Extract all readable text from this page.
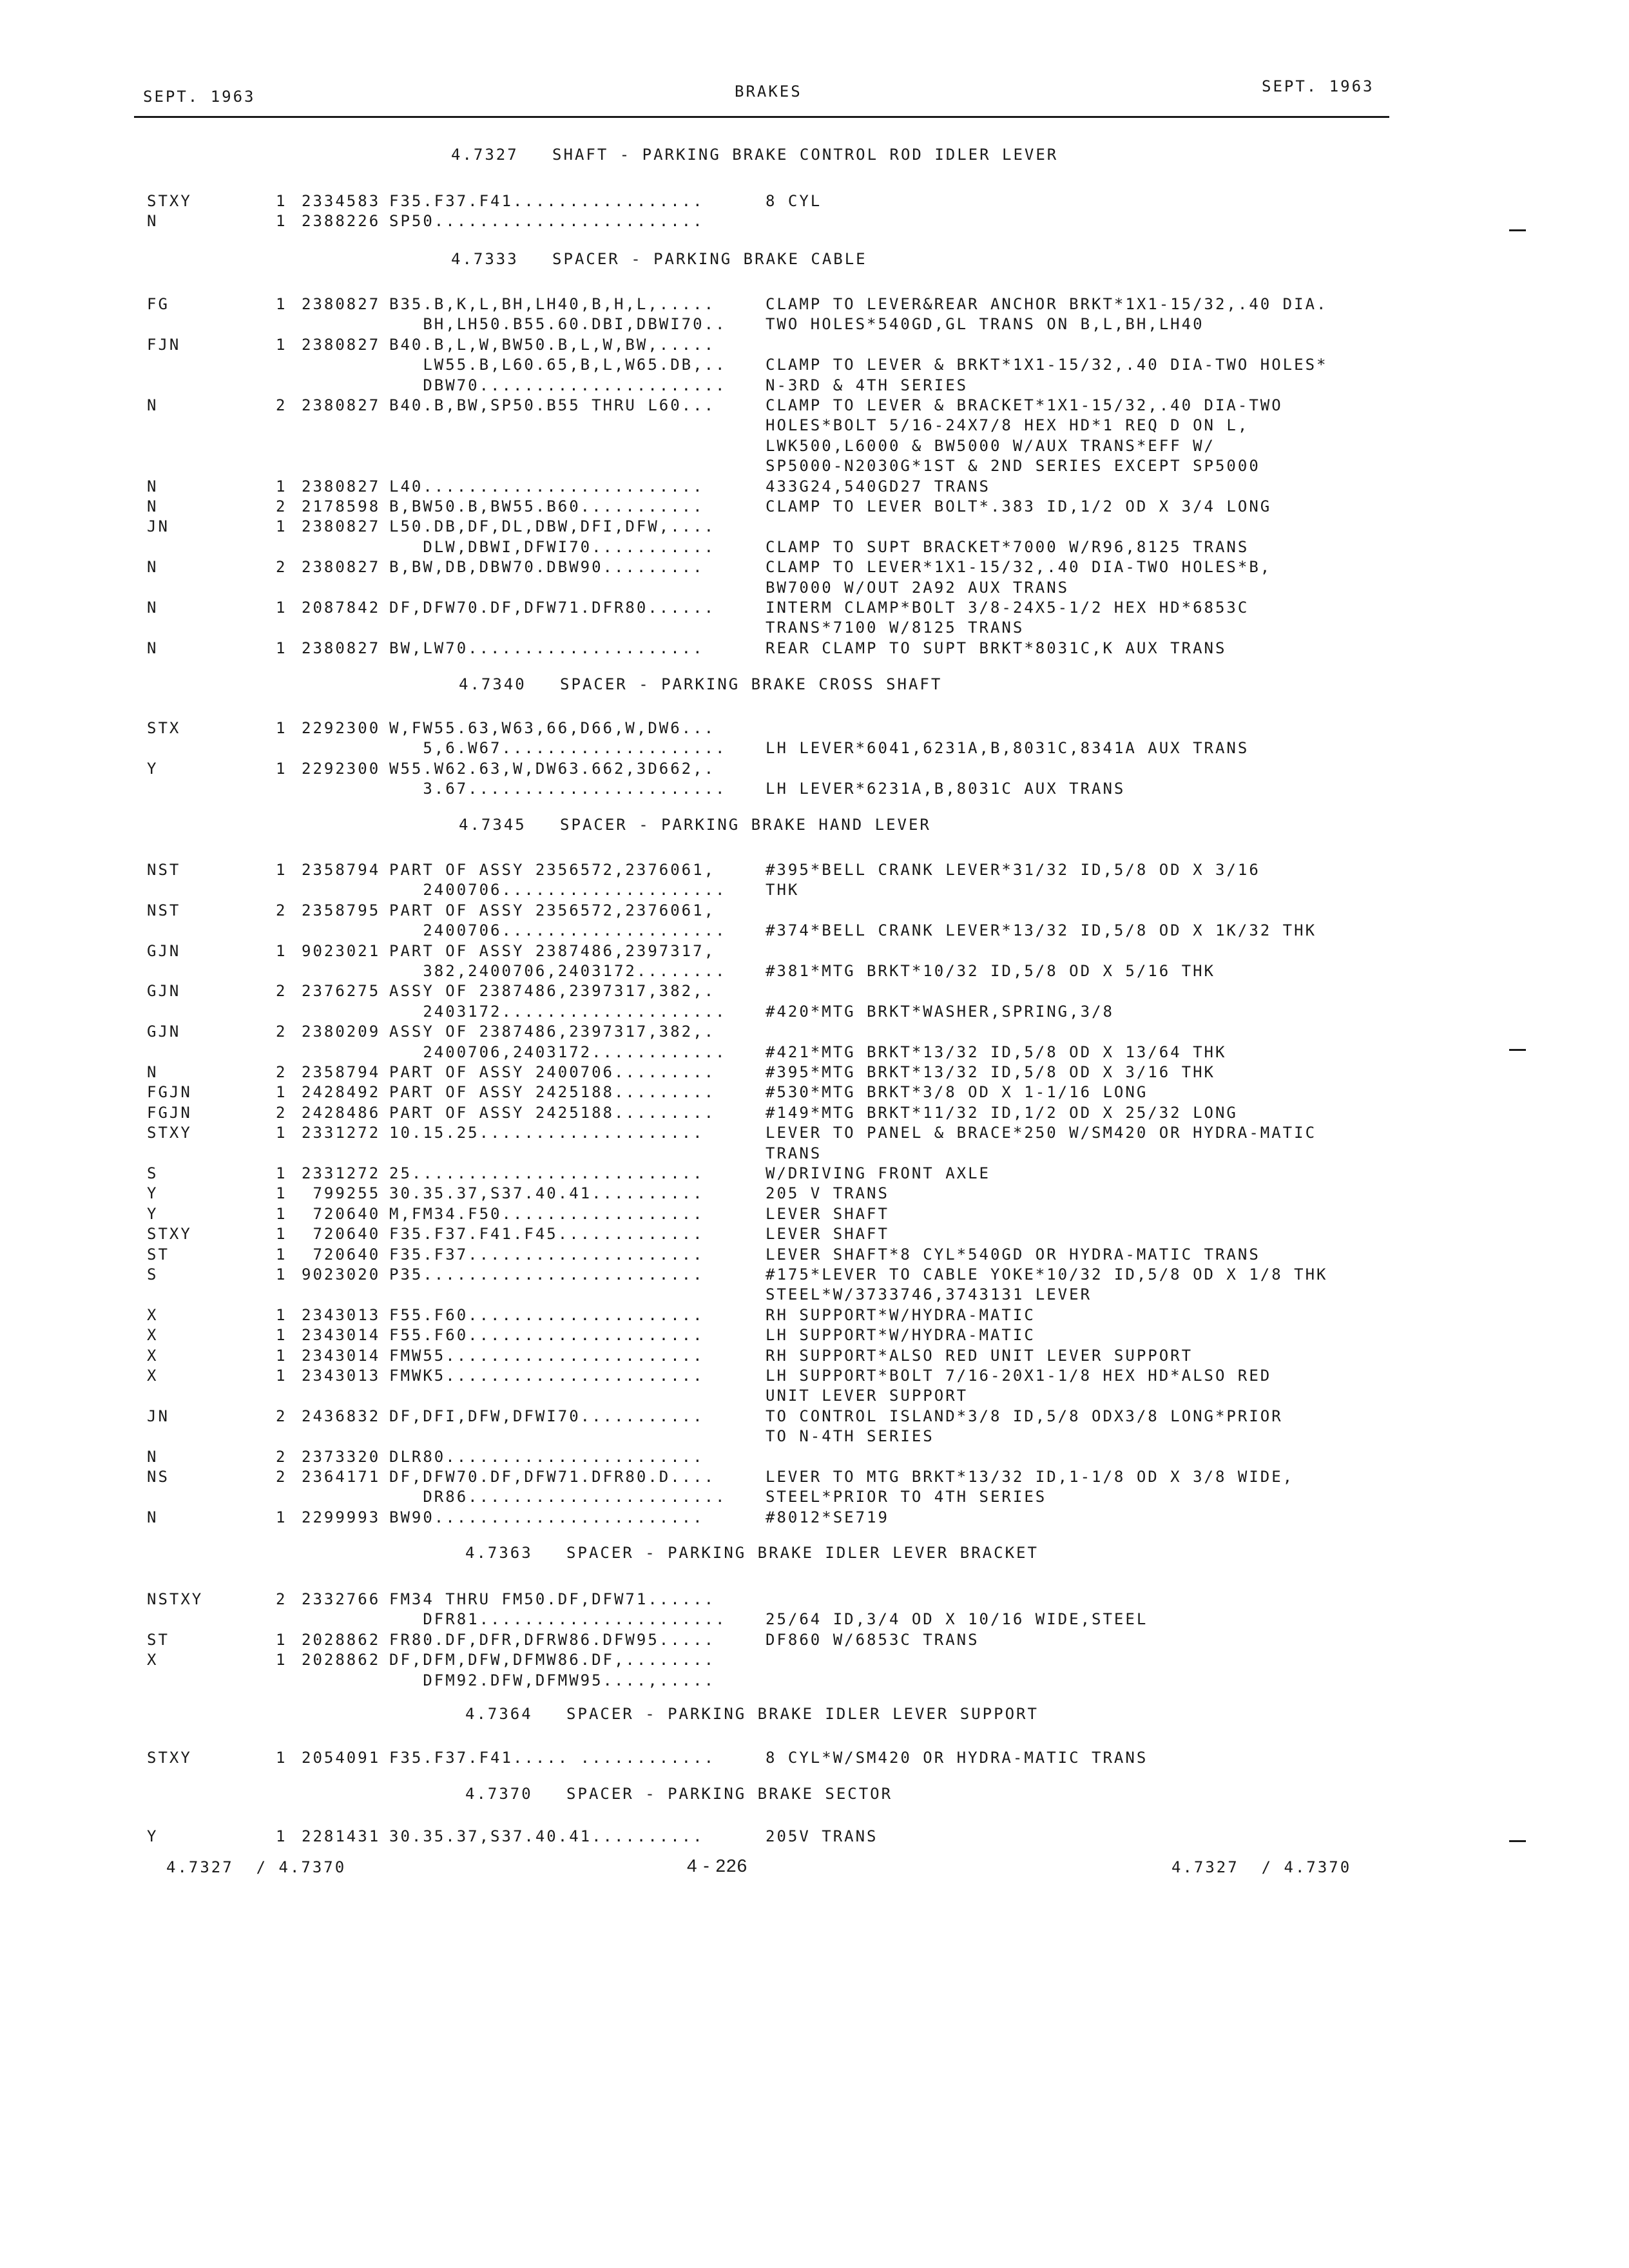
SEPT. 1963	BRAKES	SEPT. 1963
4.7327   SHAFT - PARKING BRAKE CONTROL ROD IDLER LEVER
STXY	1 2334583 F35.F37.F41.................	8 CYL
N	1 2388226 SP50........................
4.7333   SPACER - PARKING BRAKE CABLE
FG	1 2380827 B35.B,K,L,BH,LH40,B,H,L,.....	CLAMP TO LEVER&REAR ANCHOR BRKT*1X1-15/32,.40 DIA.
BH,LH50.B55.60.DBI,DBWI70..	TWO HOLES*540GD,GL TRANS ON B,L,BH,LH40
FJN	1 2380827 B40.B,L,W,BW50.B,L,W,BW,.....
LW55.B,L60.65,B,L,W65.DB,..	CLAMP TO LEVER & BRKT*1X1-15/32,.40 DIA-TWO HOLES*
DBW70......................	N-3RD & 4TH SERIES
N	2 2380827 B40.B,BW,SP50.B55 THRU L60...	CLAMP TO LEVER & BRACKET*1X1-15/32,.40 DIA-TWO
HOLES*BOLT 5/16-24X7/8 HEX HD*1 REQ D ON L,
LWK500,L6000 & BW5000 W/AUX TRANS*EFF W/
SP5000-N2030G*1ST & 2ND SERIES EXCEPT SP5000
N	1 2380827 L40.........................	433G24,540GD27 TRANS
N	2 2178598 B,BW50.B,BW55.B60...........	CLAMP TO LEVER BOLT*.383 ID,1/2 OD X 3/4 LONG
JN	1 2380827 L50.DB,DF,DL,DBW,DFI,DFW,....
DLW,DBWI,DFWI70...........	CLAMP TO SUPT BRACKET*7000 W/R96,8125 TRANS
N	2 2380827 B,BW,DB,DBW70.DBW90.........	CLAMP TO LEVER*1X1-15/32,.40 DIA-TWO HOLES*B,
BW7000 W/OUT 2A92 AUX TRANS
N	1 2087842 DF,DFW70.DF,DFW71.DFR80......	INTERM CLAMP*BOLT 3/8-24X5-1/2 HEX HD*6853C
TRANS*7100 W/8125 TRANS
N	1 2380827 BW,LW70.....................	REAR CLAMP TO SUPT BRKT*8031C,K AUX TRANS
4.7340   SPACER - PARKING BRAKE CROSS SHAFT
STX	1 2292300 W,FW55.63,W63,66,D66,W,DW6...
5,6.W67....................	LH LEVER*6041,6231A,B,8031C,8341A AUX TRANS
Y	1 2292300 W55.W62.63,W,DW63.662,3D662,.
3.67.......................	LH LEVER*6231A,B,8031C AUX TRANS
4.7345   SPACER - PARKING BRAKE HAND LEVER
NST	1 2358794 PART OF ASSY 2356572,2376061,	#395*BELL CRANK LEVER*31/32 ID,5/8 OD X 3/16
2400706....................	THK
NST	2 2358795 PART OF ASSY 2356572,2376061,
2400706....................	#374*BELL CRANK LEVER*13/32 ID,5/8 OD X 1K/32 THK
GJN	1 9023021 PART OF ASSY 2387486,2397317,
382,2400706,2403172........	#381*MTG BRKT*10/32 ID,5/8 OD X 5/16 THK
GJN	2 2376275 ASSY OF 2387486,2397317,382,.
2403172....................	#420*MTG BRKT*WASHER,SPRING,3/8
GJN	2 2380209 ASSY OF 2387486,2397317,382,.
2400706,2403172............	#421*MTG BRKT*13/32 ID,5/8 OD X 13/64 THK
N	2 2358794 PART OF ASSY 2400706.........	#395*MTG BRKT*13/32 ID,5/8 OD X 3/16 THK
FGJN	1 2428492 PART OF ASSY 2425188.........	#530*MTG BRKT*3/8 OD X 1-1/16 LONG
FGJN	2 2428486 PART OF ASSY 2425188.........	#149*MTG BRKT*11/32 ID,1/2 OD X 25/32 LONG
STXY	1 2331272 10.15.25....................	LEVER TO PANEL & BRACE*250 W/SM420 OR HYDRA-MATIC
TRANS
S	1 2331272 25..........................	W/DRIVING FRONT AXLE
Y	1 799255 30.35.37,S37.40.41..........	205 V TRANS
Y	1 720640 M,FM34.F50..................	LEVER SHAFT
STXY	1 720640 F35.F37.F41.F45.............	LEVER SHAFT
ST	1 720640 F35.F37.....................	LEVER SHAFT*8 CYL*540GD OR HYDRA-MATIC TRANS
S	1 9023020 P35.........................	#175*LEVER TO CABLE YOKE*10/32 ID,5/8 OD X 1/8 THK
STEEL*W/3733746,3743131 LEVER
X	1 2343013 F55.F60.....................	RH SUPPORT*W/HYDRA-MATIC
X	1 2343014 F55.F60.....................	LH SUPPORT*W/HYDRA-MATIC
X	1 2343014 FMW55.......................	RH SUPPORT*ALSO RED UNIT LEVER SUPPORT
X	1 2343013 FMWK5.......................	LH SUPPORT*BOLT 7/16-20X1-1/8 HEX HD*ALSO RED
UNIT LEVER SUPPORT
JN	2 2436832 DF,DFI,DFW,DFWI70...........	TO CONTROL ISLAND*3/8 ID,5/8 ODX3/8 LONG*PRIOR
TO N-4TH SERIES
N	2 2373320 DLR80.......................
NS	2 2364171 DF,DFW70.DF,DFW71.DFR80.D....	LEVER TO MTG BRKT*13/32 ID,1-1/8 OD X 3/8 WIDE,
DR86.......................	STEEL*PRIOR TO 4TH SERIES
N	1 2299993 BW90........................	#8012*SE719
4.7363   SPACER - PARKING BRAKE IDLER LEVER BRACKET
NSTXY	2 2332766 FM34 THRU FM50.DF,DFW71......
DFR81......................	25/64 ID,3/4 OD X 10/16 WIDE,STEEL
ST	1 2028862 FR80.DF,DFR,DFRW86.DFW95.....	DF860 W/6853C TRANS
X	1 2028862 DF,DFM,DFW,DFMW86.DF,........
DFM92.DFW,DFMW95....,.....
4.7364   SPACER - PARKING BRAKE IDLER LEVER SUPPORT
STXY	1 2054091 F35.F37.F41..... ............	8 CYL*W/SM420 OR HYDRA-MATIC TRANS
4.7370   SPACER - PARKING BRAKE SECTOR
Y	1 2281431 30.35.37,S37.40.41..........	205V TRANS
4.7327  / 4.7370	4 - 226	4.7327  / 4.7370
